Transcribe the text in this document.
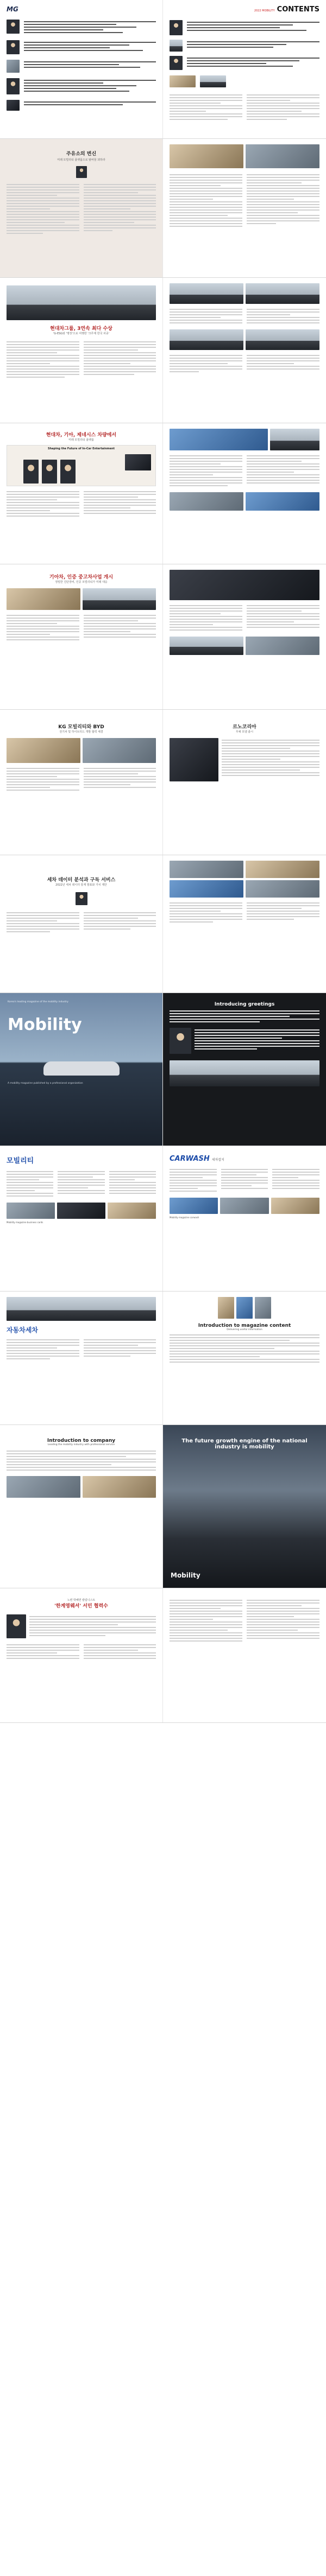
MG	2022 MOBILITY CONTENTS
주유소의 변신
미래 모빌리티 플랫폼으로 탈바꿈 꾀하라
현대차그룹, 3연속 최다 수상
'G-ESG와 '명장'으로 여행한 '크루제 한국 차종'
현대차, 기아, 제네시스 차량에서
미래 모빌리티 플랫폼
Shaping the Future of In-Car Entertainment
기아차, 인증 중고차사업 개시
정밀한 진단장비, 인증 모빌리티가 미래 대응
KG 모빌리티와 BYD
전기차 및 하이브리드 개발 협력 체결
르노코리아
무채 모델 출시
세차 데이터 분석과 구독 서비스
2022년 세차 데이터 통계 발표와 가치 제안
Korea's leading magazine of the mobility industry
Mobility
A mobility magazine published by a professional organization
Introducing greetings
모빌리티
Mobility magazine business cards
CARWASH 세차잡지
Mobility magazine carwash
자동차세차
Introduction to magazine content
Delivering useful information
Introduction to company
Leading the mobility industry with professional service
The future growth engine of the national industry is mobility
Mobility
노련 박혜연 칼럼니스트
'한계영웨셔' 서민 협력수
